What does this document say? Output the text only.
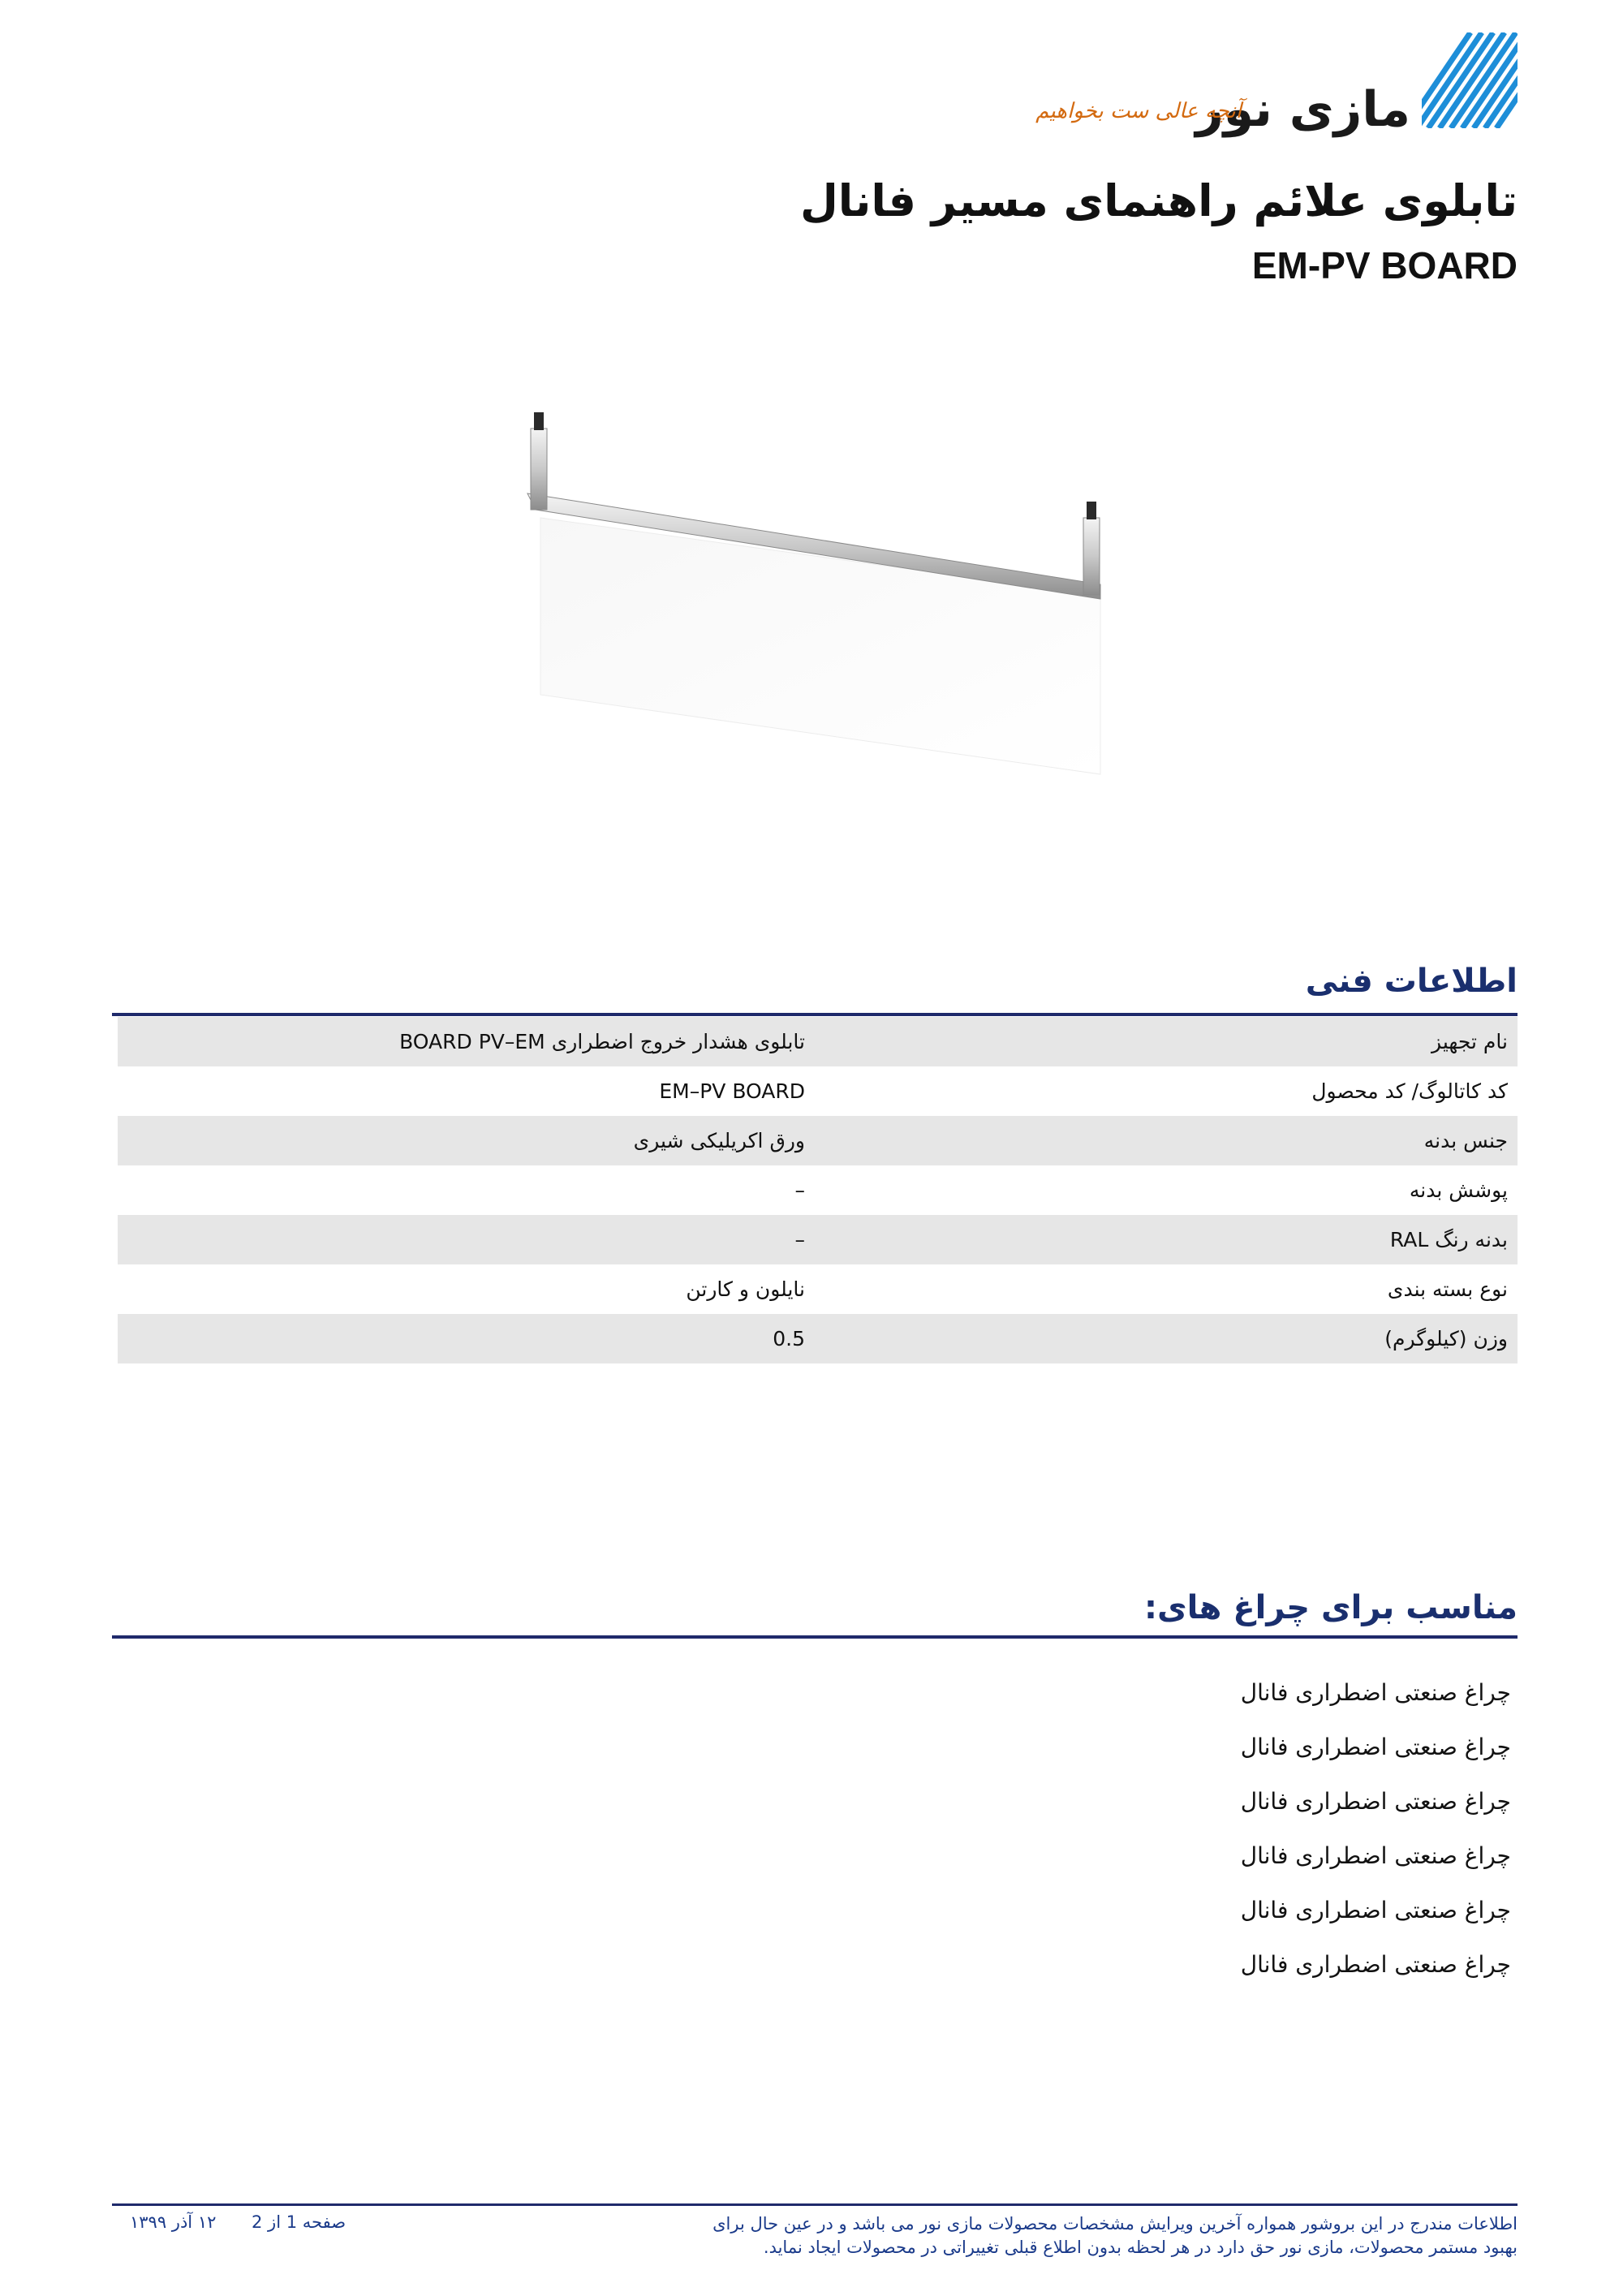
مازی نور
آنچه عالی ست بخواهیم
تابلوی علائم راهنمای مسیر فانال
EM-PV BOARD
اطلاعات فنی
نام تجهیز
تابلوی هشدار خروج اضطراری BOARD PV–EM
کد کاتالوگ/ کد محصول
EM–PV BOARD
جنس بدنه
ورق اکریلیکی شیری
پوشش بدنه
–
بدنه رنگ RAL
–
نوع بسته بندی
نایلون و کارتن
وزن (کیلوگرم)
0.5
مناسب برای چراغ های:
چراغ صنعتی اضطراری فانال
چراغ صنعتی اضطراری فانال
چراغ صنعتی اضطراری فانال
چراغ صنعتی اضطراری فانال
چراغ صنعتی اضطراری فانال
چراغ صنعتی اضطراری فانال
اطلاعات مندرج در این بروشور همواره آخرین ویرایش مشخصات محصولات مازی نور می باشد و در عین حال برای بهبود مستمر محصولات، مازی نور حق دارد در هر لحظه بدون اطلاع قبلی تغییراتی در محصولات ایجاد نماید.
صفحه 1 از 2
۱۲ آذر ۱۳۹۹
